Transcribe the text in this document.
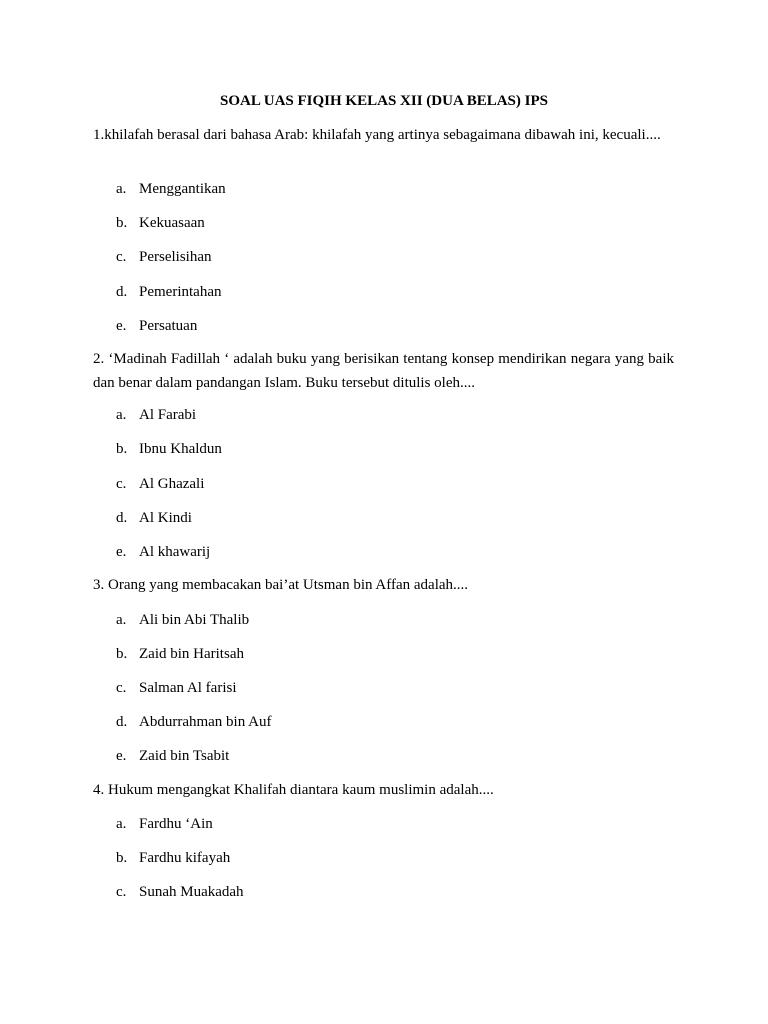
SOAL UAS FIQIH KELAS XII (DUA BELAS) IPS
1.khilafah berasal dari bahasa Arab: khilafah yang artinya sebagaimana dibawah ini, kecuali....
a. Menggantikan
b. Kekuasaan
c. Perselisihan
d. Pemerintahan
e. Persatuan
2. ‘Madinah Fadillah ‘ adalah buku yang berisikan tentang konsep mendirikan negara yang baik dan benar dalam pandangan Islam. Buku tersebut ditulis oleh....
a. Al Farabi
b. Ibnu Khaldun
c. Al Ghazali
d. Al Kindi
e. Al khawarij
3. Orang yang membacakan bai’at Utsman bin Affan adalah....
a. Ali bin Abi Thalib
b. Zaid bin Haritsah
c. Salman Al farisi
d. Abdurrahman bin Auf
e. Zaid bin Tsabit
4. Hukum mengangkat Khalifah diantara kaum muslimin adalah....
a. Fardhu ‘Ain
b. Fardhu kifayah
c. Sunah Muakadah
